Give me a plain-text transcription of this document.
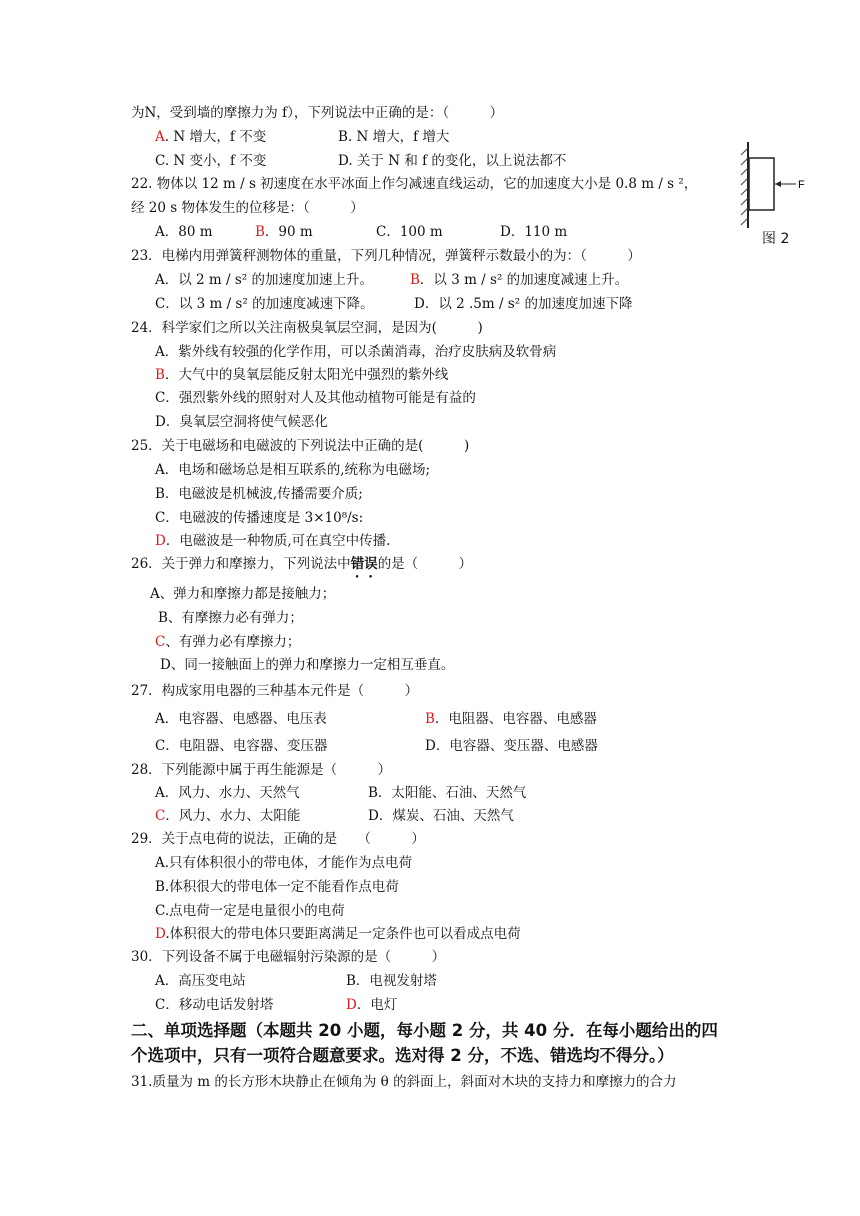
为N，受到墙的摩擦力为 f），下列说法中正确的是：（　　　）
A. N 增大，f 不变	B. N 增大，f 增大
C. N 变小，f 不变	D. 关于 N 和 f 的变化，以上说法都不
F
图 2
22. 物体以 12 m / s 初速度在水平冰面上作匀减速直线运动，它的加速度大小是 0.8 m / s ²，
经 20 s 物体发生的位移是：（　　　）
A．80 m	B．90 m	C．100 m	D．110 m
23．电梯内用弹簧秤测物体的重量，下列几种情况，弹簧秤示数最小的为：（　　　）
A．以 2 m / s² 的加速度加速上升。	B．以 3 m / s² 的加速度减速上升。
C．以 3 m / s² 的加速度减速下降。	D．以 2 .5m / s² 的加速度加速下降
24．科学家们之所以关注南极臭氧层空洞，是因为(　　　)
A．紫外线有较强的化学作用，可以杀菌消毒，治疗皮肤病及软骨病
B．大气中的臭氧层能反射太阳光中强烈的紫外线
C．强烈紫外线的照射对人及其他动植物可能是有益的
D．臭氧层空洞将使气候恶化
25．关于电磁场和电磁波的下列说法中正确的是(　　　)
A．电场和磁场总是相互联系的,统称为电磁场;
B．电磁波是机械波,传播需要介质;
C．电磁波的传播速度是 3×10⁸/s:
D．电磁波是一种物质,可在真空中传播.
26．关于弹力和摩擦力，下列说法中错误的是（　　　）
A、弹力和摩擦力都是接触力；
B、有摩擦力必有弹力；
C、有弹力必有摩擦力；
D、同一接触面上的弹力和摩擦力一定相互垂直。
27．构成家用电器的三种基本元件是（　　　）
A．电容器、电感器、电压表	B．电阻器、电容器、电感器
C．电阻器、电容器、变压器	D．电容器、变压器、电感器
28．下列能源中属于再生能源是（　　　）
A．风力、水力、天然气	B．太阳能、石油、天然气
C．风力、水力、太阳能	D．煤炭、石油、天然气
29．关于点电荷的说法，正确的是　　（　　　）
A.只有体积很小的带电体，才能作为点电荷
B.体积很大的带电体一定不能看作点电荷
C.点电荷一定是电量很小的电荷
D.体积很大的带电体只要距离满足一定条件也可以看成点电荷
30．下列设备不属于电磁辐射污染源的是（　　　）
A．高压变电站	B．电视发射塔
C．移动电话发射塔	D．电灯
二、单项选择题（本题共 20 小题，每小题 2 分，共 40 分．在每小题给出的四
个选项中，只有一项符合题意要求。选对得 2 分，不选、错选均不得分。）
31.质量为 m 的长方形木块静止在倾角为 θ 的斜面上，斜面对木块的支持力和摩擦力的合力
